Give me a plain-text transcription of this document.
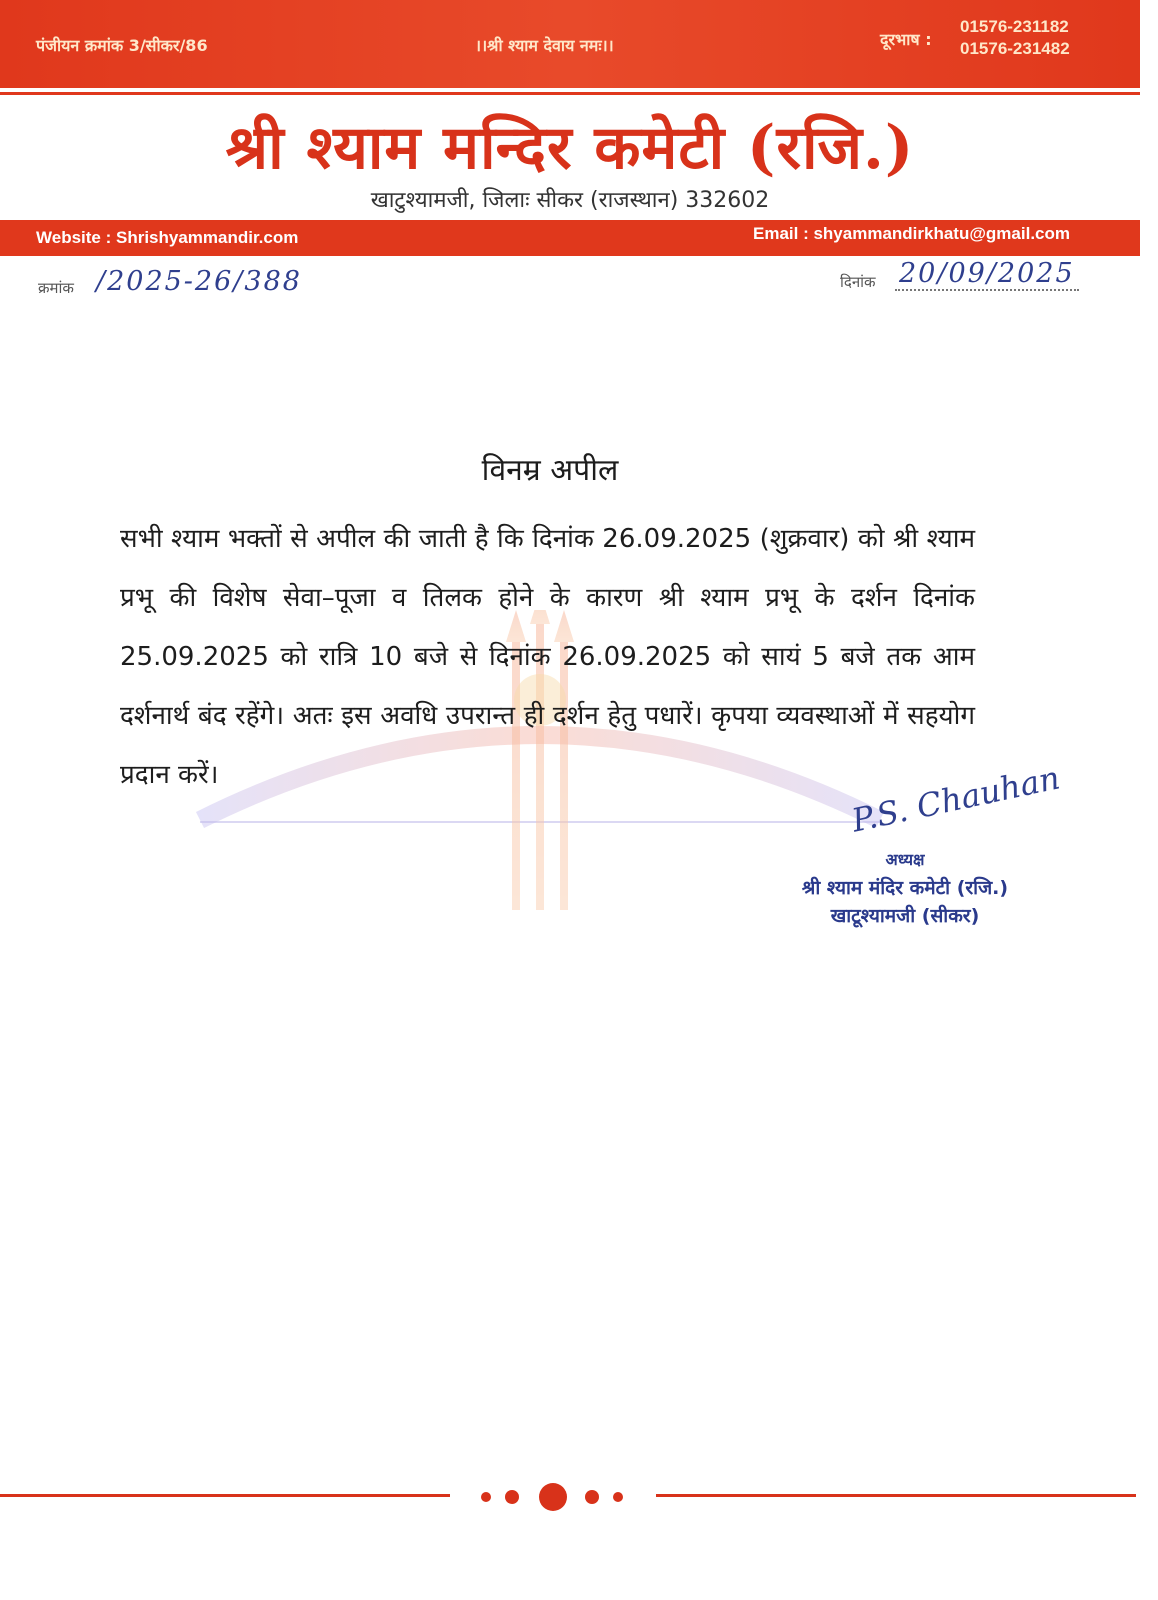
पंजीयन क्रमांक 3/सीकर/86	।।श्री श्याम देवाय नमः।।	दूरभाष :
01576-231182
01576-231482
श्री श्याम मन्दिर कमेटी (रजि.)
खाटुश्यामजी, जिलाः सीकर (राजस्थान) 332602
Website : Shrishyammandir.com	Email : shyammandirkhatu@gmail.com
क्रमांक /2025-26/388	दिनांक 20/09/2025
विनम्र अपील
सभी श्याम भक्तों से अपील की जाती है कि दिनांक 26.09.2025 (शुक्रवार) को श्री श्याम प्रभू की विशेष सेवा–पूजा व तिलक होने के कारण श्री श्याम प्रभू के दर्शन दिनांक 25.09.2025 को रात्रि 10 बजे से दिनांक 26.09.2025 को सायं 5 बजे तक आम दर्शनार्थ बंद रहेंगे। अतः इस अवधि उपरान्त ही दर्शन हेतु पधारें। कृपया व्यवस्थाओं में सहयोग प्रदान करें।	P.S. Chauhan
अध्यक्ष
श्री श्याम मंदिर कमेटी (रजि.)
खाटूश्यामजी (सीकर)
